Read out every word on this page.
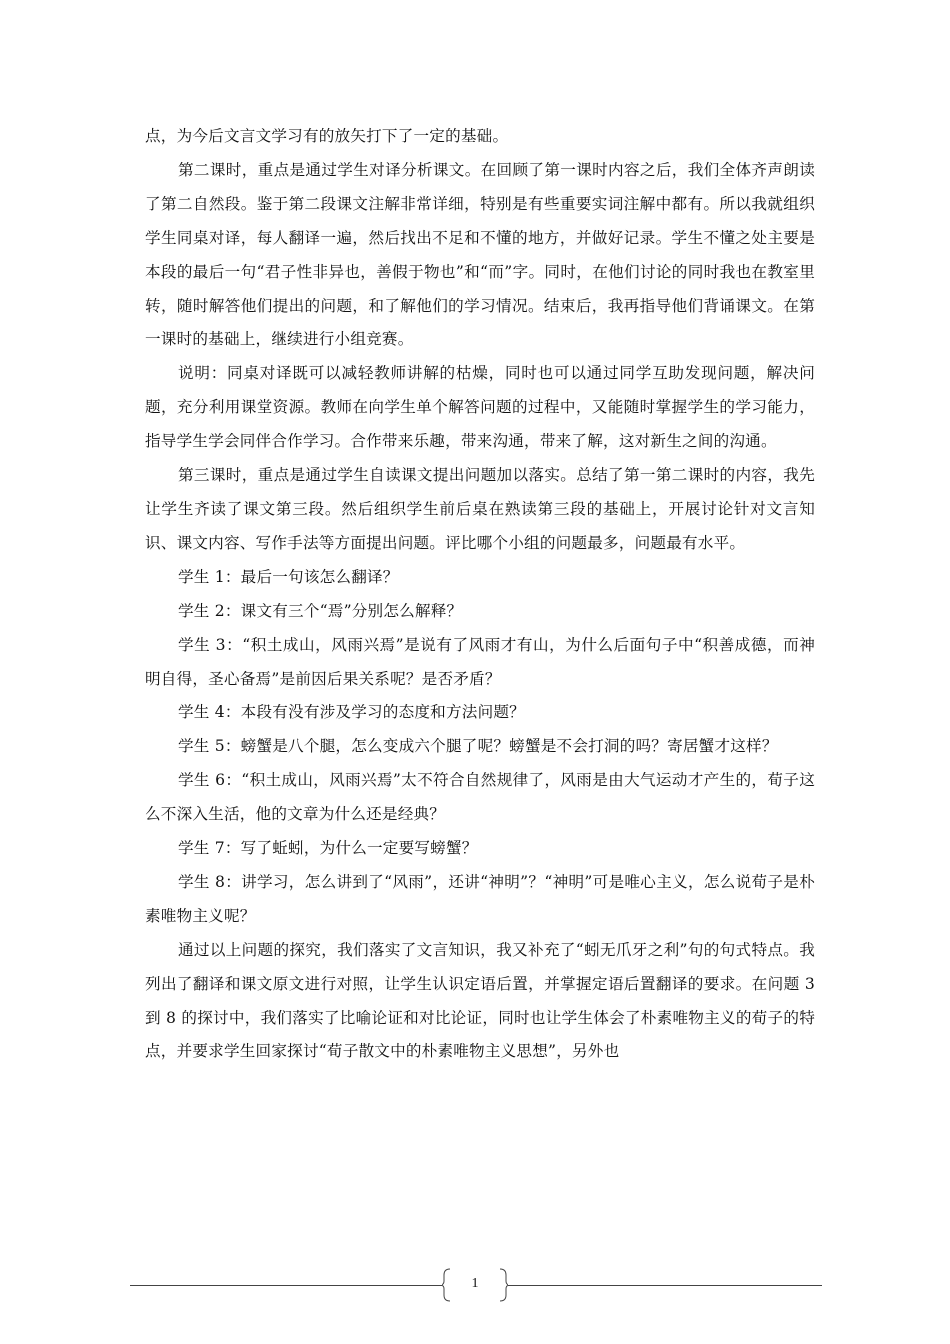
点，为今后文言文学习有的放矢打下了一定的基础。

第二课时，重点是通过学生对译分析课文。在回顾了第一课时内容之后，我们全体齐声朗读了第二自然段。鉴于第二段课文注解非常详细，特别是有些重要实词注解中都有。所以我就组织学生同桌对译，每人翻译一遍，然后找出不足和不懂的地方，并做好记录。学生不懂之处主要是本段的最后一句“君子性非异也，善假于物也”和“而”字。同时，在他们讨论的同时我也在教室里转，随时解答他们提出的问题，和了解他们的学习情况。结束后，我再指导他们背诵课文。在第一课时的基础上，继续进行小组竞赛。

说明：同桌对译既可以减轻教师讲解的枯燥，同时也可以通过同学互助发现问题，解决问题，充分利用课堂资源。教师在向学生单个解答问题的过程中，又能随时掌握学生的学习能力，指导学生学会同伴合作学习。合作带来乐趣，带来沟通，带来了解，这对新生之间的沟通。

第三课时，重点是通过学生自读课文提出问题加以落实。总结了第一第二课时的内容，我先让学生齐读了课文第三段。然后组织学生前后桌在熟读第三段的基础上，开展讨论针对文言知识、课文内容、写作手法等方面提出问题。评比哪个小组的问题最多，问题最有水平。

学生 1：最后一句该怎么翻译？

学生 2：课文有三个“焉”分别怎么解释？

学生 3：“积土成山，风雨兴焉”是说有了风雨才有山，为什么后面句子中“积善成德，而神明自得，圣心备焉”是前因后果关系呢？是否矛盾？

学生 4：本段有没有涉及学习的态度和方法问题？

学生 5：螃蟹是八个腿，怎么变成六个腿了呢？螃蟹是不会打洞的吗？寄居蟹才这样？

学生 6：“积土成山，风雨兴焉”太不符合自然规律了，风雨是由大气运动才产生的，荀子这么不深入生活，他的文章为什么还是经典？

学生 7：写了蚯蚓，为什么一定要写螃蟹？

学生 8：讲学习，怎么讲到了“风雨”，还讲“神明”？“神明”可是唯心主义，怎么说荀子是朴素唯物主义呢？

通过以上问题的探究，我们落实了文言知识，我又补充了“蚓无爪牙之利”句的句式特点。我列出了翻译和课文原文进行对照，让学生认识定语后置，并掌握定语后置翻译的要求。在问题 3 到 8 的探讨中，我们落实了比喻论证和对比论证，同时也让学生体会了朴素唯物主义的荀子的特点，并要求学生回家探讨“荀子散文中的朴素唯物主义思想”，另外也

1
